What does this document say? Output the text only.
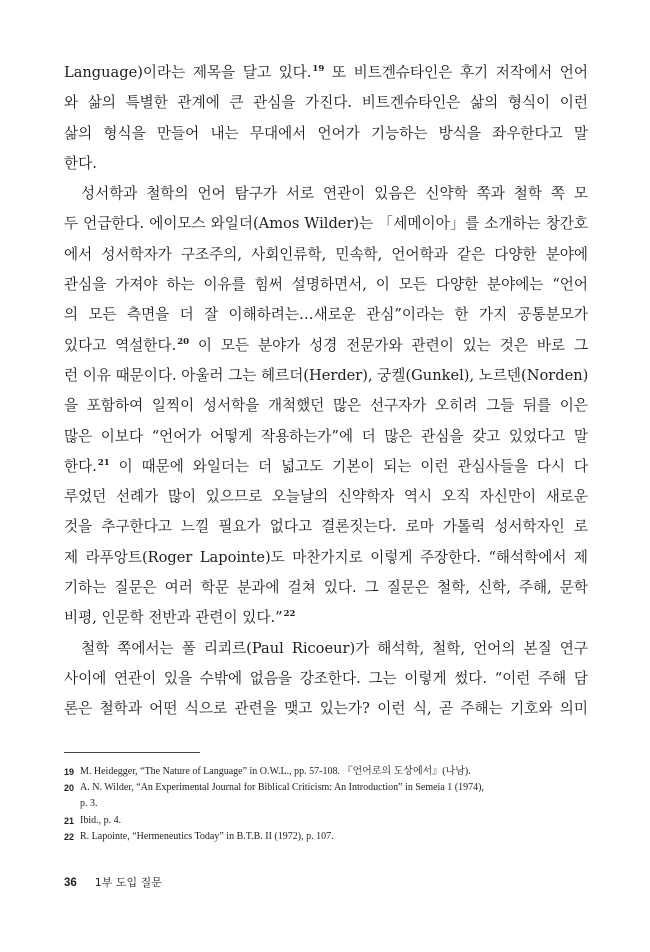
Language)이라는 제목을 달고 있다.$^{19}$ 또 비트겐슈타인은 후기 저작에서 언어
와 삶의 특별한 관계에 큰 관심을 가진다. 비트겐슈타인은 삶의 형식이 이런
삶의 형식을 만들어 내는 무대에서 언어가 기능하는 방식을 좌우한다고 말
한다.
성서학과 철학의 언어 탐구가 서로 연관이 있음은 신약학 쪽과 철학 쪽 모
두 언급한다. 에이모스 와일더(Amos Wilder)는 「세메이아」를 소개하는 창간호
에서 성서학자가 구조주의, 사회인류학, 민속학, 언어학과 같은 다양한 분야에
관심을 가져야 하는 이유를 힘써 설명하면서, 이 모든 다양한 분야에는 “언어
의 모든 측면을 더 잘 이해하려는…새로운 관심”이라는 한 가지 공통분모가
있다고 역설한다.$^{20}$ 이 모든 분야가 성경 전문가와 관련이 있는 것은 바로 그
런 이유 때문이다. 아울러 그는 헤르더(Herder), 궁켈(Gunkel), 노르덴(Norden)
을 포함하여 일찍이 성서학을 개척했던 많은 선구자가 오히려 그들 뒤를 이은
많은 이보다 “언어가 어떻게 작용하는가”에 더 많은 관심을 갖고 있었다고 말
한다.$^{21}$ 이 때문에 와일더는 더 넓고도 기본이 되는 이런 관심사들을 다시 다
루었던 선례가 많이 있으므로 오늘날의 신약학자 역시 오직 자신만이 새로운
것을 추구한다고 느낄 필요가 없다고 결론짓는다. 로마 가톨릭 성서학자인 로
제 라푸앙트(Roger Lapointe)도 마찬가지로 이렇게 주장한다. “해석학에서 제
기하는 질문은 여러 학문 분과에 걸쳐 있다. 그 질문은 철학, 신학, 주해, 문학
비평, 인문학 전반과 관련이 있다.”$^{22}$
철학 쪽에서는 폴 리쾨르(Paul Ricoeur)가 해석학, 철학, 언어의 본질 연구
사이에 연관이 있을 수밖에 없음을 강조한다. 그는 이렇게 썼다. “이런 주해 담
론은 철학과 어떤 식으로 관련을 맺고 있는가? 이런 식, 곧 주해는 기호와 의미
19 M. Heidegger, “The Nature of Language” in O.W.L., pp. 57-108. 『언어로의 도상에서』(나남).
20 A. N. Wilder, “An Experimental Journal for Biblical Criticism: An Introduction” in Semeia 1 (1974),
p. 3.
21 Ibid., p. 4.
22 R. Lapointe, “Hermeneutics Today” in B.T.B. II (1972), p. 107.
36 1부 도입 질문
